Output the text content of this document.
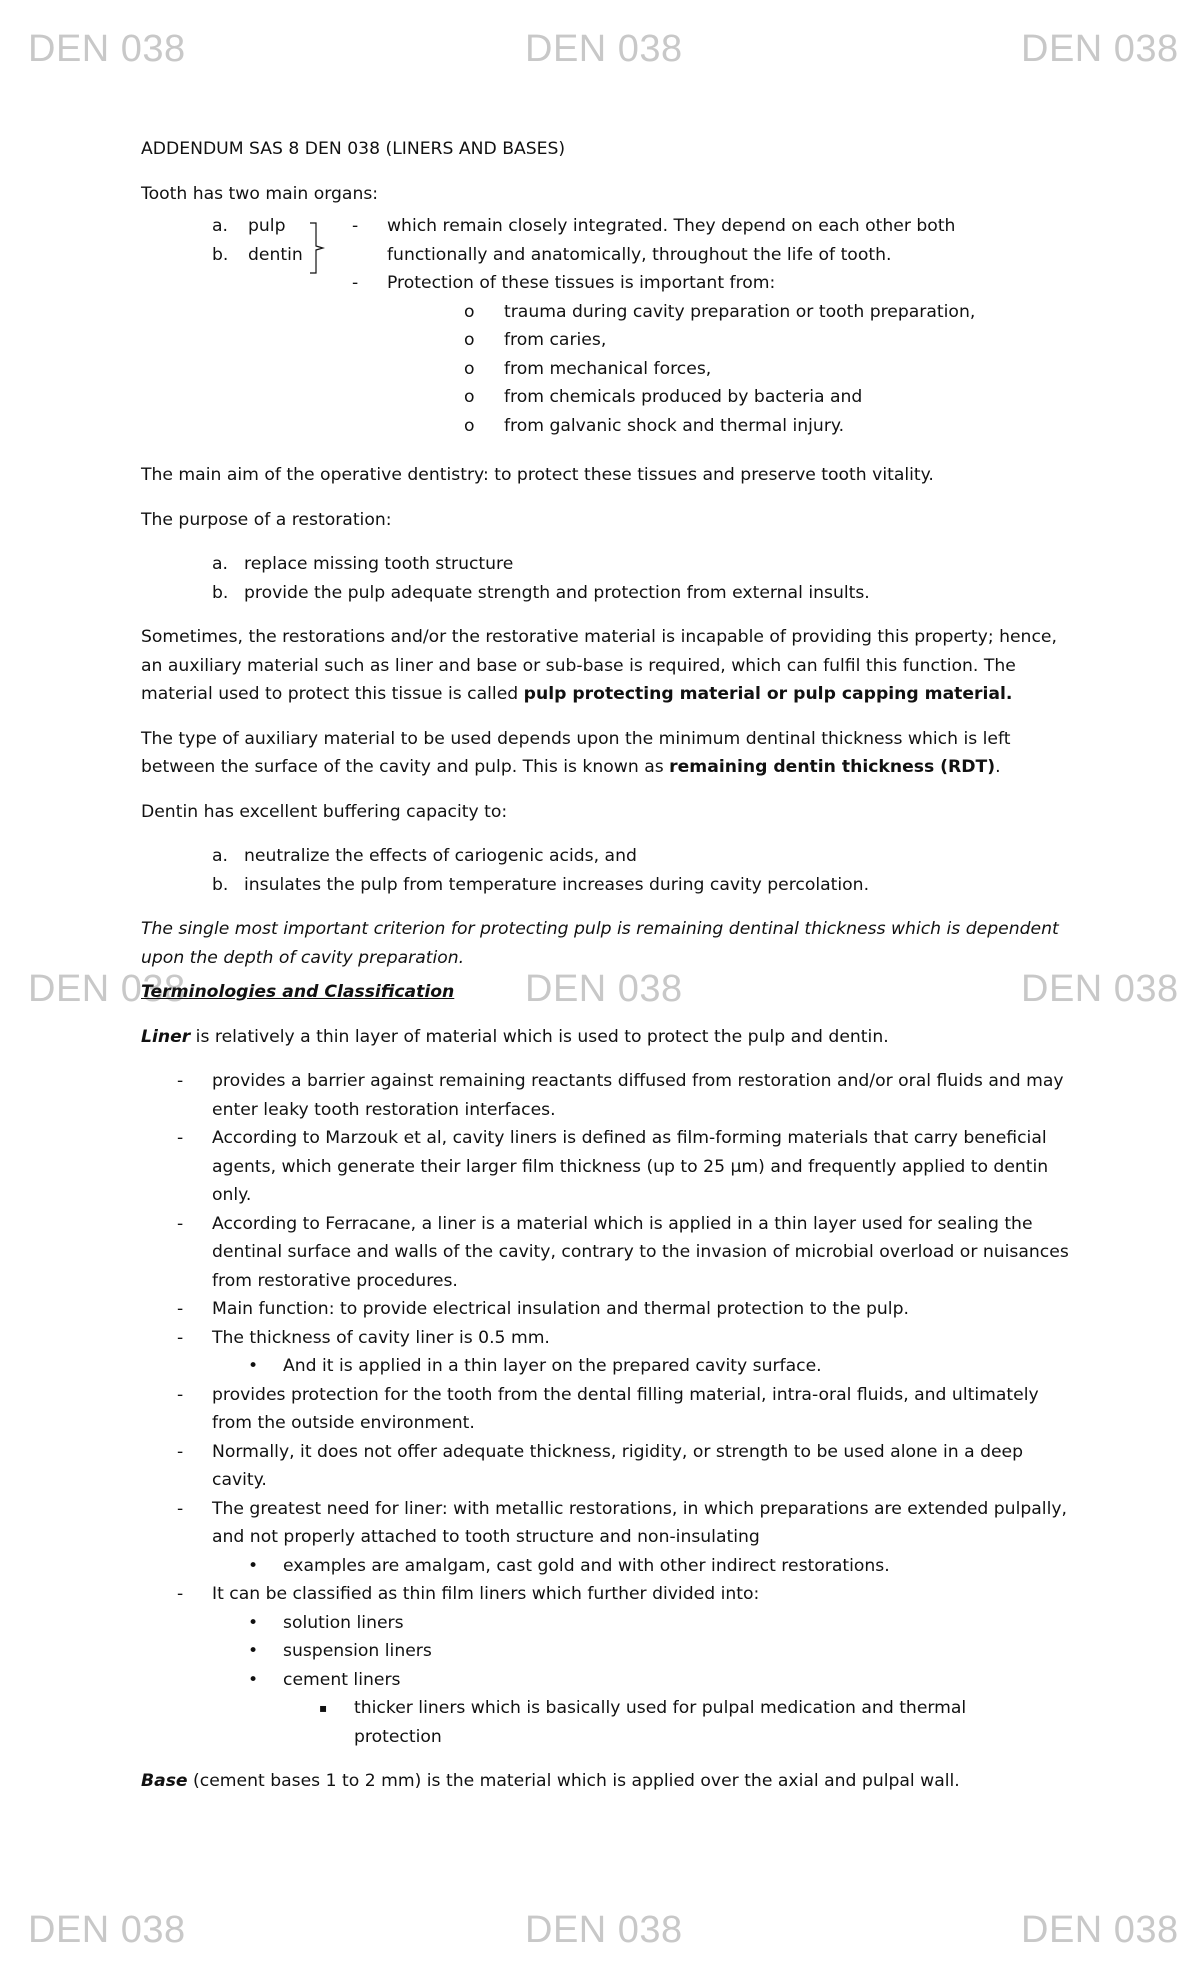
DEN 038	DEN 038	DEN 038
DEN 038	DEN 038	DEN 038
DEN 038	DEN 038	DEN 038
ADDENDUM SAS 8 DEN 038 (LINERS AND BASES)
Tooth has two main organs:
a.	pulp
b.	dentin
-	which remain closely integrated. They depend on each other both functionally and anatomically, throughout the life of tooth.
-	Protection of these tissues is important from:
o trauma during cavity preparation or tooth preparation,
o from caries,
o from mechanical forces,
o from chemicals produced by bacteria and
o from galvanic shock and thermal injury.
The main aim of the operative dentistry: to protect these tissues and preserve tooth vitality.
The purpose of a restoration:
a. replace missing tooth structure
b. provide the pulp adequate strength and protection from external insults.
Sometimes, the restorations and/or the restorative material is incapable of providing this property; hence, an auxiliary material such as liner and base or sub-base is required, which can fulfil this function. The material used to protect this tissue is called pulp protecting material or pulp capping material.
The type of auxiliary material to be used depends upon the minimum dentinal thickness which is left between the surface of the cavity and pulp. This is known as remaining dentin thickness (RDT).
Dentin has excellent buffering capacity to:
a. neutralize the effects of cariogenic acids, and
b. insulates the pulp from temperature increases during cavity percolation.
The single most important criterion for protecting pulp is remaining dentinal thickness which is dependent upon the depth of cavity preparation.
Terminologies and Classification
Liner is relatively a thin layer of material which is used to protect the pulp and dentin.
-	provides a barrier against remaining reactants diffused from restoration and/or oral fluids and may enter leaky tooth restoration interfaces.
-	According to Marzouk et al, cavity liners is defined as film-forming materials that carry beneficial agents, which generate their larger film thickness (up to 25 µm) and frequently applied to dentin only.
-	According to Ferracane, a liner is a material which is applied in a thin layer used for sealing the dentinal surface and walls of the cavity, contrary to the invasion of microbial overload or nuisances from restorative procedures.
-	Main function: to provide electrical insulation and thermal protection to the pulp.
-	The thickness of cavity liner is 0.5 mm.
•	And it is applied in a thin layer on the prepared cavity surface.
-	provides protection for the tooth from the dental filling material, intra-oral fluids, and ultimately from the outside environment.
-	Normally, it does not offer adequate thickness, rigidity, or strength to be used alone in a deep cavity.
-	The greatest need for liner: with metallic restorations, in which preparations are extended pulpally, and not properly attached to tooth structure and non-insulating
•	examples are amalgam, cast gold and with other indirect restorations.
-	It can be classified as thin film liners which further divided into:
•	solution liners
•	suspension liners
•	cement liners
▪	thicker liners which is basically used for pulpal medication and thermal protection
Base (cement bases 1 to 2 mm) is the material which is applied over the axial and pulpal wall.
